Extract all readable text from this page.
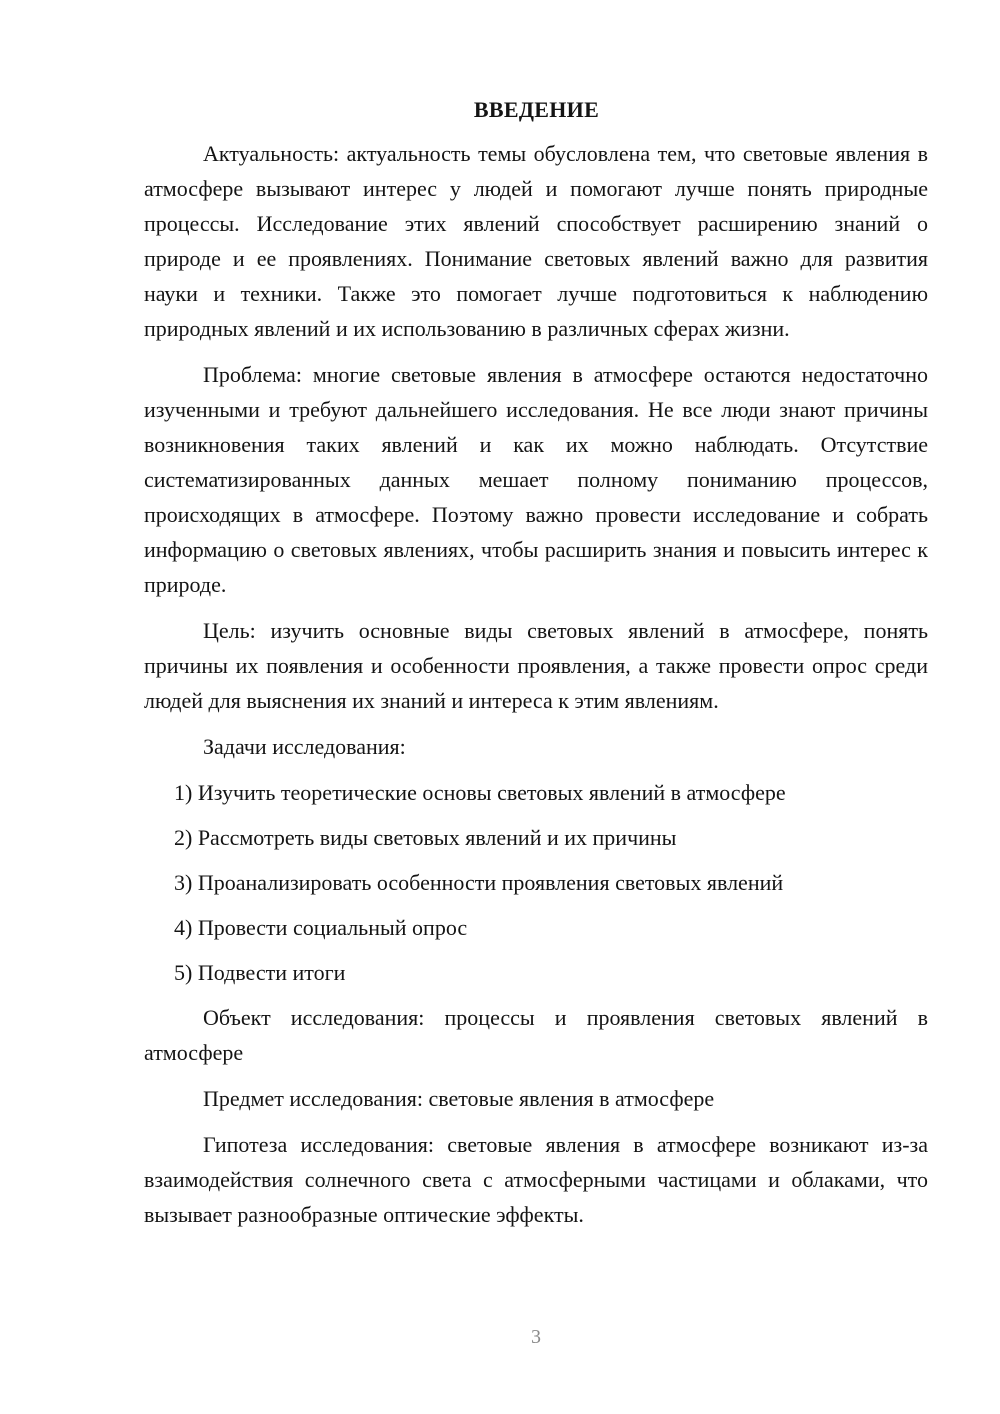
ВВЕДЕНИЕ

Актуальность: актуальность темы обусловлена тем, что световые явления в атмосфере вызывают интерес у людей и помогают лучше понять природные процессы. Исследование этих явлений способствует расширению знаний о природе и ее проявлениях. Понимание световых явлений важно для развития науки и техники. Также это помогает лучше подготовиться к наблюдению природных явлений и их использованию в различных сферах жизни.

Проблема: многие световые явления в атмосфере остаются недостаточно изученными и требуют дальнейшего исследования. Не все люди знают причины возникновения таких явлений и как их можно наблюдать. Отсутствие систематизированных данных мешает полному пониманию процессов, происходящих в атмосфере. Поэтому важно провести исследование и собрать информацию о световых явлениях, чтобы расширить знания и повысить интерес к природе.

Цель: изучить основные виды световых явлений в атмосфере, понять причины их появления и особенности проявления, а также провести опрос среди людей для выяснения их знаний и интереса к этим явлениям.

Задачи исследования:

1) Изучить теоретические основы световых явлений в атмосфере
2) Рассмотреть виды световых явлений и их причины
3) Проанализировать особенности проявления световых явлений
4) Провести социальный опрос
5) Подвести итоги

Объект исследования: процессы и проявления световых явлений в атмосфере

Предмет исследования: световые явления в атмосфере

Гипотеза исследования: световые явления в атмосфере возникают из-за взаимодействия солнечного света с атмосферными частицами и облаками, что вызывает разнообразные оптические эффекты.

3
